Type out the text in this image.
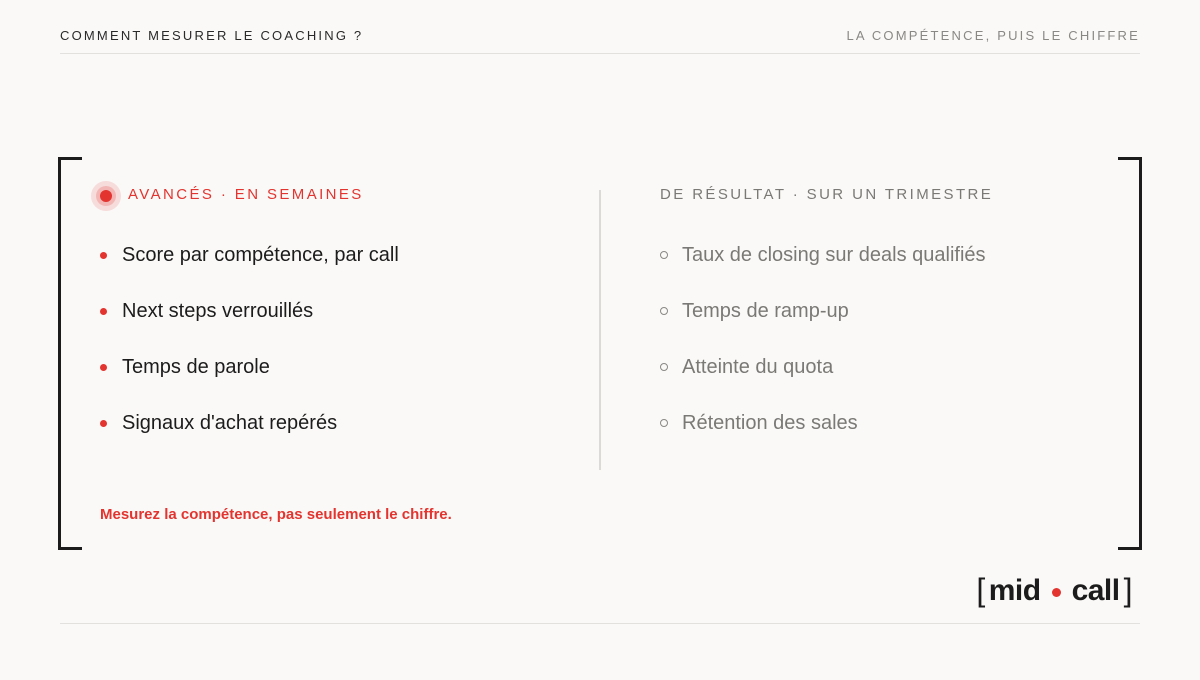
COMMENT MESURER LE COACHING ?	LA COMPÉTENCE, PUIS LE CHIFFRE
AVANCÉS · EN SEMAINES	DE RÉSULTAT · SUR UN TRIMESTRE
Score par compétence, par call
Next steps verrouillés
Temps de parole
Signaux d'achat repérés
Taux de closing sur deals qualifiés
Temps de ramp-up
Atteinte du quota
Rétention des sales
Mesurez la compétence, pas seulement le chiffre.
[ mid call ]
